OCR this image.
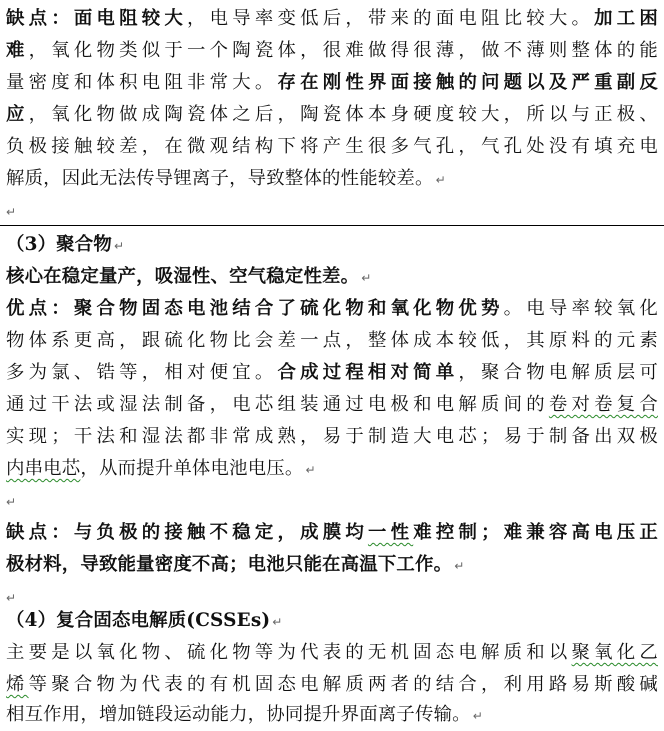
缺点：面电阻较大，电导率变低后，带来的面电阻比较大。加工困
难，氧化物类似于一个陶瓷体，很难做得很薄，做不薄则整体的能
量密度和体积电阻非常大。存在刚性界面接触的问题以及严重副反
应，氧化物做成陶瓷体之后，陶瓷体本身硬度较大，所以与正极、
负极接触较差，在微观结构下将产生很多气孔，气孔处没有填充电
解质，因此无法传导锂离子，导致整体的性能较差。 ↵
↵
（3）聚合物 ↵
核心在稳定量产，吸湿性、空气稳定性差。 ↵
优点：聚合物固态电池结合了硫化物和氧化物优势。电导率较氧化
物体系更高，跟硫化物比会差一点，整体成本较低，其原料的元素
多为氯、锆等，相对便宜。合成过程相对简单，聚合物电解质层可
通过干法或湿法制备，电芯组装通过电极和电解质间的卷对卷复合
实现；干法和湿法都非常成熟，易于制造大电芯；易于制备出双极
内串电芯，从而提升单体电池电压。 ↵
↵
缺点：与负极的接触不稳定，成膜均一性难控制；难兼容高电压正
极材料，导致能量密度不高；电池只能在高温下工作。 ↵
↵
（4）复合固态电解质(CSSEs) ↵
主要是以氧化物、硫化物等为代表的无机固态电解质和以聚氧化乙
烯等聚合物为代表的有机固态电解质两者的结合，利用路易斯酸碱
相互作用，增加链段运动能力，协同提升界面离子传输。 ↵
